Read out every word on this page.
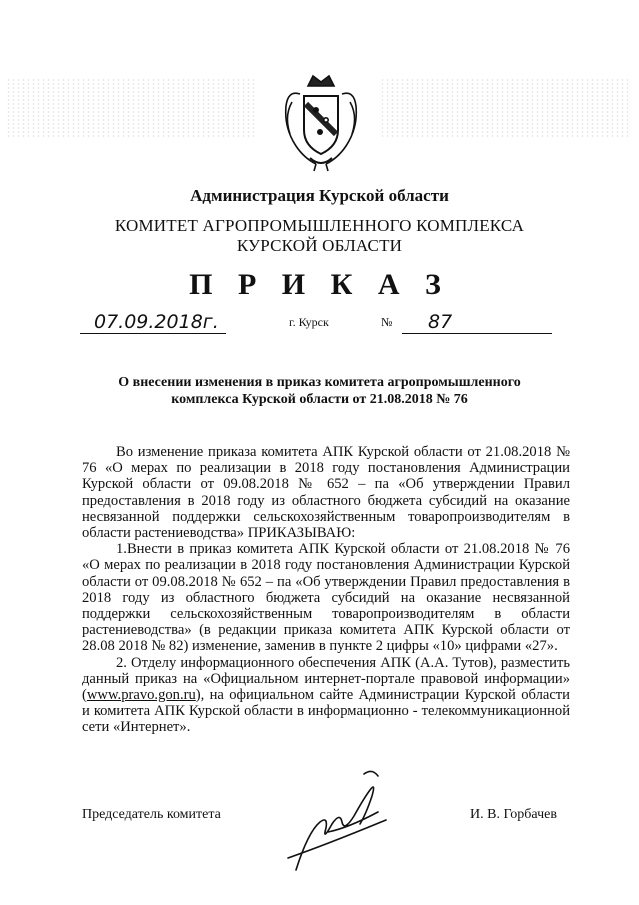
Администрация Курской области
КОМИТЕТ АГРОПРОМЫШЛЕННОГО КОМПЛЕКСА
КУРСКОЙ ОБЛАСТИ
П Р И К А З
07.09.2018г.	г. Курск	№ 87
О внесении изменения в приказ комитета агропромышленного
комплекса Курской области от 21.08.2018 № 76

Во изменение приказа комитета АПК Курской области от 21.08.2018 № 76 «О мерах по реализации в 2018 году постановления Администрации Курской области от 09.08.2018 № 652 – па «Об утверждении Правил предоставления в 2018 году из областного бюджета субсидий на оказание несвязанной поддержки сельскохозяйственным товаропроизводителям в области растениеводства» ПРИКАЗЫВАЮ:

1.Внести в приказ комитета АПК Курской области от 21.08.2018 № 76 «О мерах по реализации в 2018 году постановления Администрации Курской области от 09.08.2018 № 652 – па «Об утверждении Правил предоставления в 2018 году из областного бюджета субсидий на оказание несвязанной поддержки сельскохозяйственным товаропроизводителям в области растениеводства» (в редакции приказа комитета АПК Курской области от 28.08 2018 № 82) изменение, заменив в пункте 2 цифры «10» цифрами «27».

2. Отделу информационного обеспечения АПК (А.А. Тутов), разместить данный приказ на «Официальном интернет-портале правовой информации» (www.pravo.gon.ru), на официальном сайте Администрации Курской области и комитета АПК Курской области в информационно - телекоммуникационной сети «Интернет».

Председатель комитета	И. В. Горбачев
